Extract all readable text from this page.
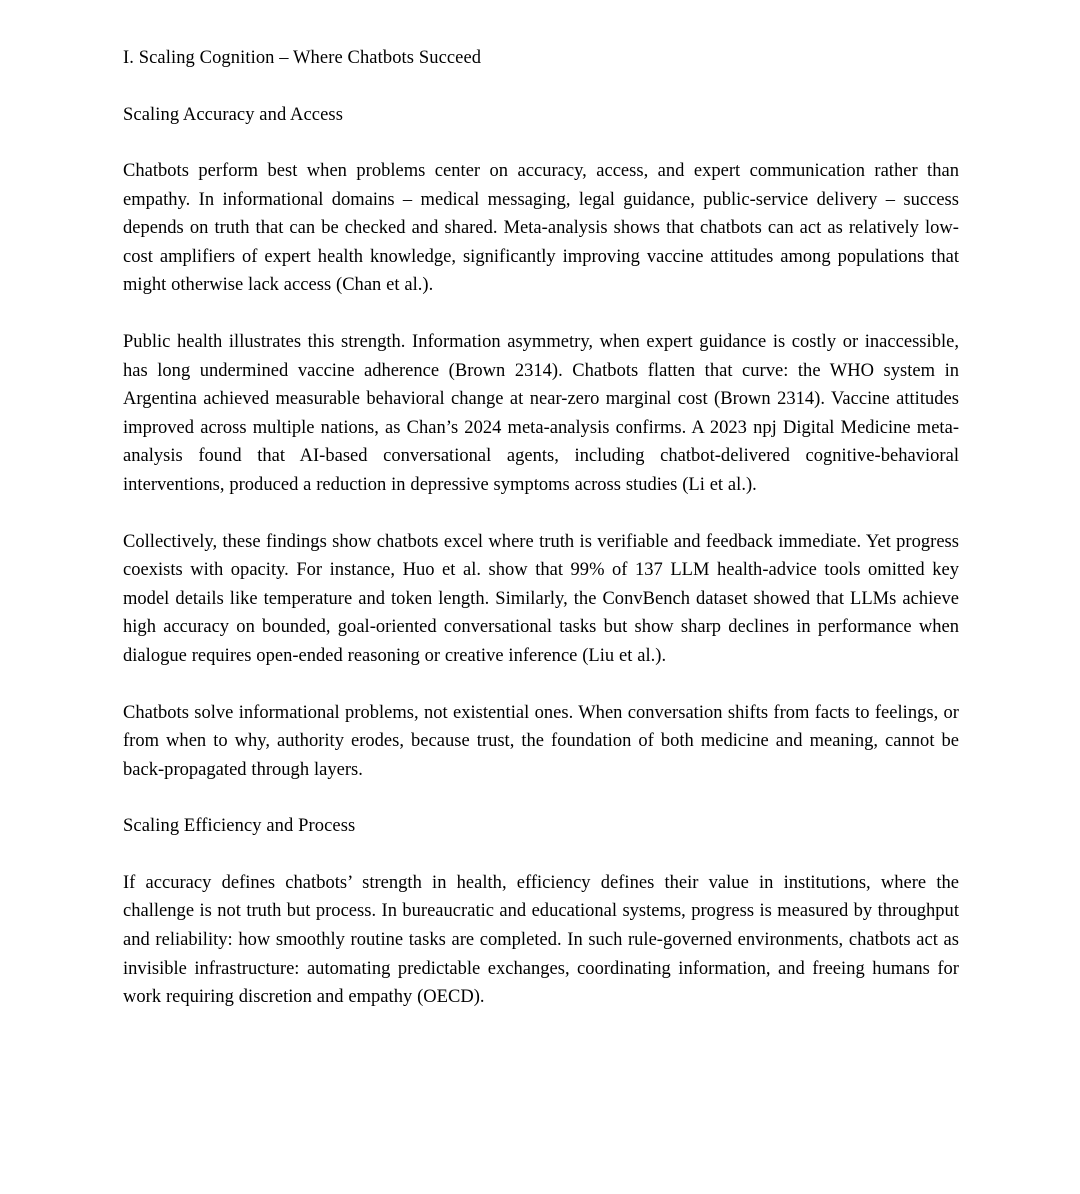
I. Scaling Cognition – Where Chatbots Succeed

Scaling Accuracy and Access

Chatbots perform best when problems center on accuracy, access, and expert communication rather than empathy. In informational domains – medical messaging, legal guidance, public-service delivery – success depends on truth that can be checked and shared. Meta-analysis shows that chatbots can act as relatively low-cost amplifiers of expert health knowledge, significantly improving vaccine attitudes among populations that might otherwise lack access (Chan et al.).

Public health illustrates this strength. Information asymmetry, when expert guidance is costly or inaccessible, has long undermined vaccine adherence (Brown 2314). Chatbots flatten that curve: the WHO system in Argentina achieved measurable behavioral change at near-zero marginal cost (Brown 2314). Vaccine attitudes improved across multiple nations, as Chan’s 2024 meta-analysis confirms. A 2023 npj Digital Medicine meta-analysis found that AI-based conversational agents, including chatbot-delivered cognitive-behavioral interventions, produced a reduction in depressive symptoms across studies (Li et al.).

Collectively, these findings show chatbots excel where truth is verifiable and feedback immediate. Yet progress coexists with opacity. For instance, Huo et al. show that 99% of 137 LLM health-advice tools omitted key model details like temperature and token length. Similarly, the ConvBench dataset showed that LLMs achieve high accuracy on bounded, goal-oriented conversational tasks but show sharp declines in performance when dialogue requires open-ended reasoning or creative inference (Liu et al.).

Chatbots solve informational problems, not existential ones. When conversation shifts from facts to feelings, or from when to why, authority erodes, because trust, the foundation of both medicine and meaning, cannot be back-propagated through layers.

Scaling Efficiency and Process

If accuracy defines chatbots’ strength in health, efficiency defines their value in institutions, where the challenge is not truth but process. In bureaucratic and educational systems, progress is measured by throughput and reliability: how smoothly routine tasks are completed. In such rule-governed environments, chatbots act as invisible infrastructure: automating predictable exchanges, coordinating information, and freeing humans for work requiring discretion and empathy (OECD).
